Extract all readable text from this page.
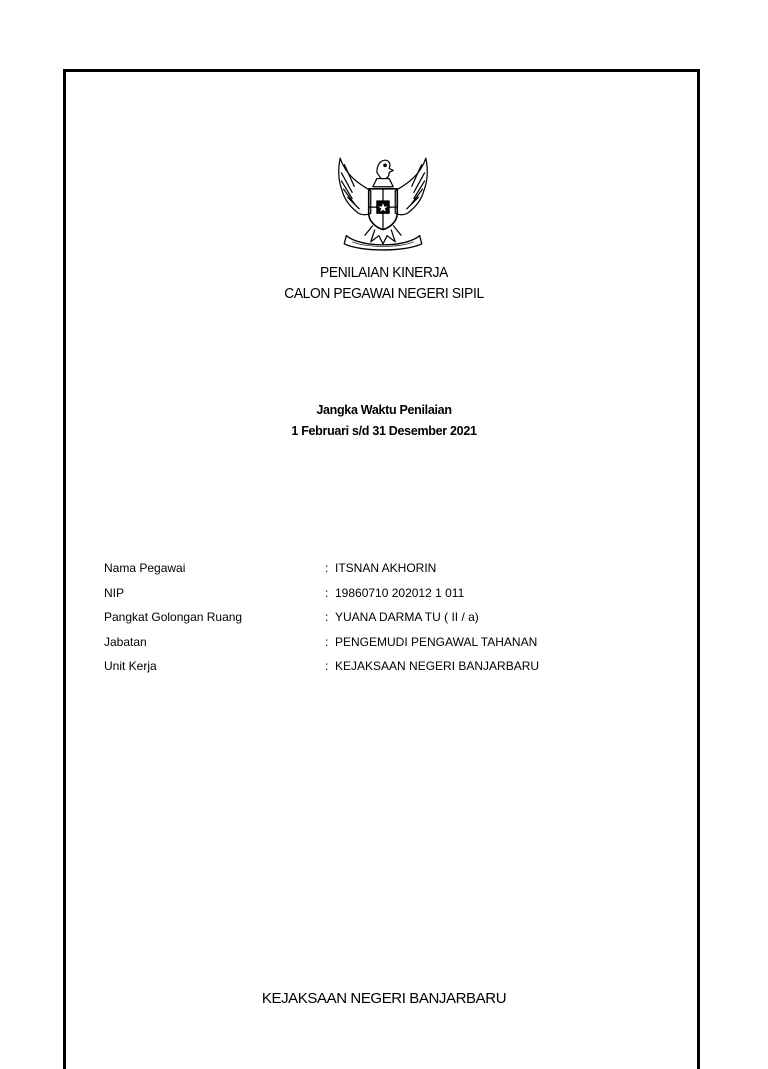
PENILAIAN KINERJA
CALON PEGAWAI NEGERI SIPIL
Jangka Waktu Penilaian
1 Februari s/d 31 Desember 2021
Nama Pegawai	: ITSNAN AKHORIN
NIP	: 19860710 202012 1 011
Pangkat Golongan Ruang	: YUANA DARMA TU ( II / a)
Jabatan	: PENGEMUDI PENGAWAL TAHANAN
Unit Kerja	: KEJAKSAAN NEGERI BANJARBARU
KEJAKSAAN NEGERI BANJARBARU
